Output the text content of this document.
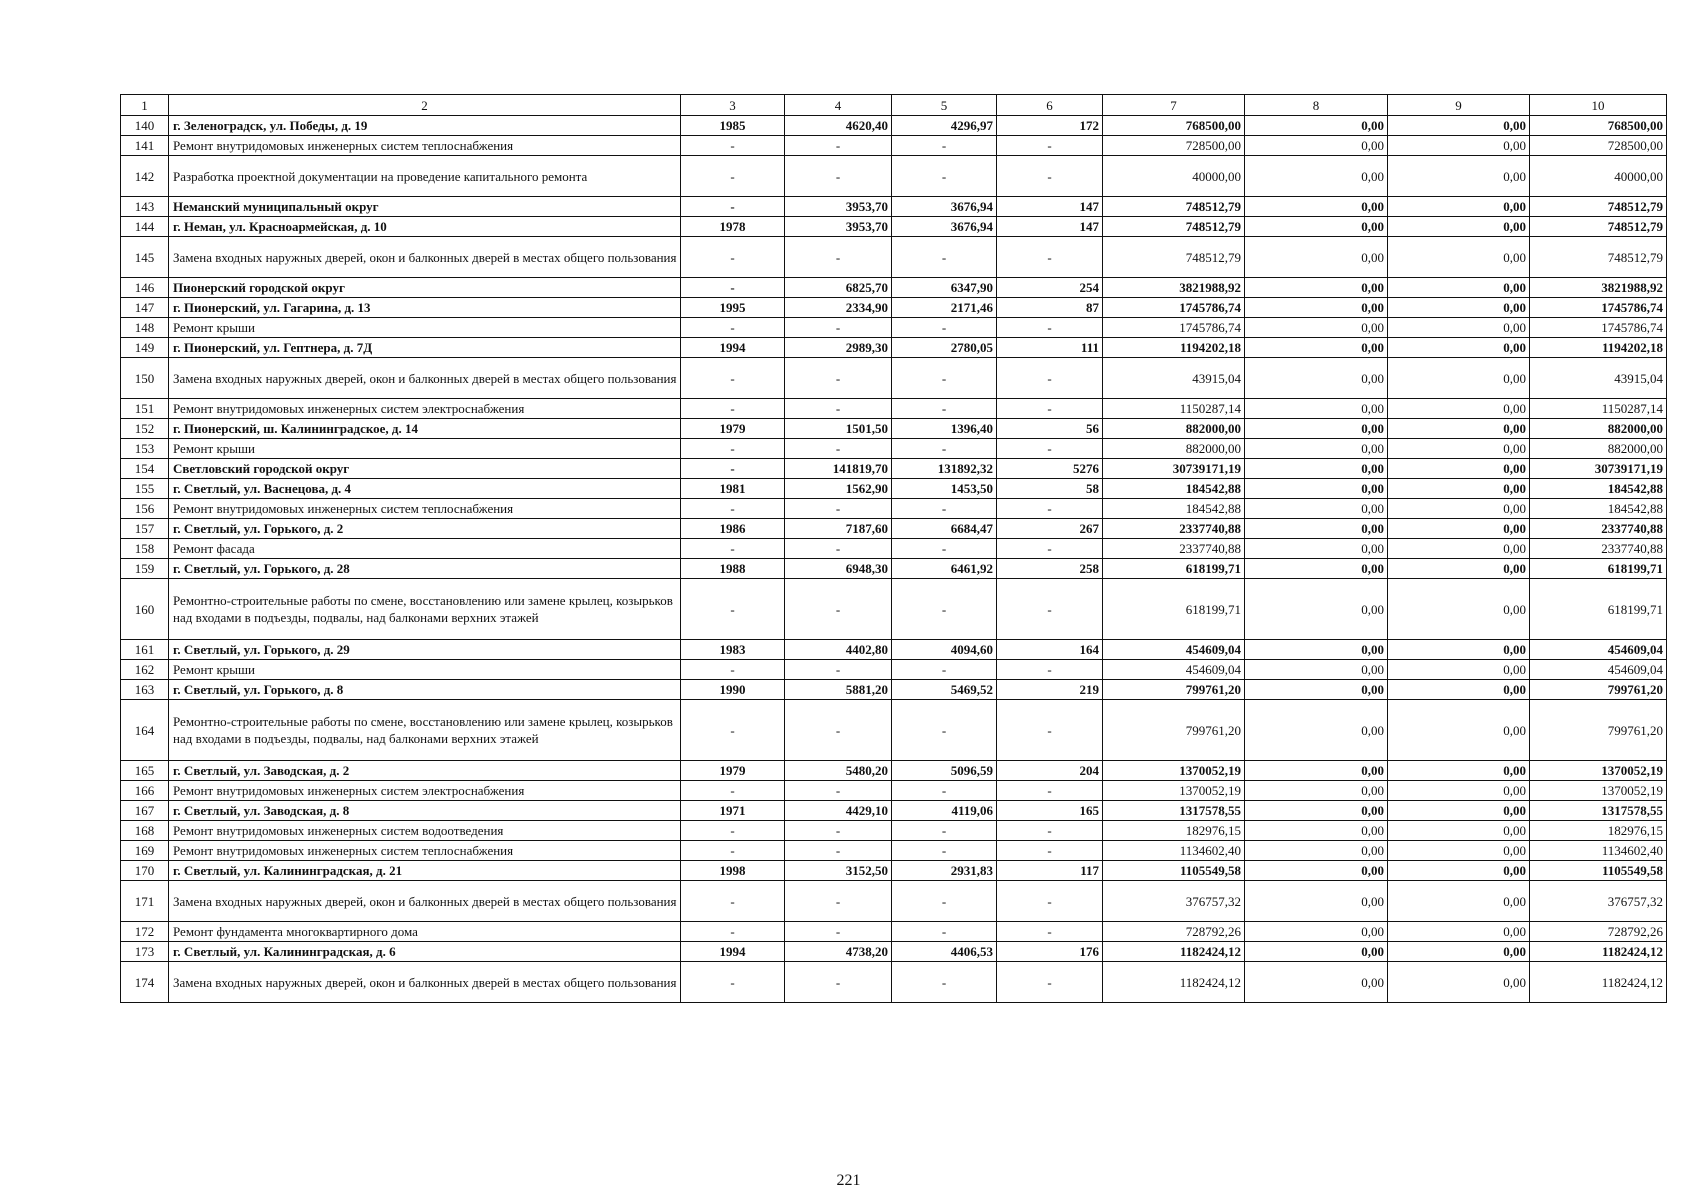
1	2	3	4	5	6	7	8	9	10
140	г. Зеленоградск, ул. Победы, д. 19	1985	4620,40	4296,97	172	768500,00	0,00	0,00	768500,00
141	Ремонт внутридомовых инженерных систем теплоснабжения	-	-	-	-	728500,00	0,00	0,00	728500,00
142	Разработка проектной документации на проведение капитального ремонта	-	-	-	-	40000,00	0,00	0,00	40000,00
143	Неманский муниципальный округ	-	3953,70	3676,94	147	748512,79	0,00	0,00	748512,79
144	г. Неман, ул. Красноармейская, д. 10	1978	3953,70	3676,94	147	748512,79	0,00	0,00	748512,79
145	Замена входных наружных дверей, окон и балконных дверей в местах общего пользования	-	-	-	-	748512,79	0,00	0,00	748512,79
146	Пионерский городской округ	-	6825,70	6347,90	254	3821988,92	0,00	0,00	3821988,92
147	г. Пионерский, ул. Гагарина, д. 13	1995	2334,90	2171,46	87	1745786,74	0,00	0,00	1745786,74
148	Ремонт крыши	-	-	-	-	1745786,74	0,00	0,00	1745786,74
149	г. Пионерский, ул. Гептнера, д. 7Д	1994	2989,30	2780,05	111	1194202,18	0,00	0,00	1194202,18
150	Замена входных наружных дверей, окон и балконных дверей в местах общего пользования	-	-	-	-	43915,04	0,00	0,00	43915,04
151	Ремонт внутридомовых инженерных систем электроснабжения	-	-	-	-	1150287,14	0,00	0,00	1150287,14
152	г. Пионерский, ш. Калининградское, д. 14	1979	1501,50	1396,40	56	882000,00	0,00	0,00	882000,00
153	Ремонт крыши	-	-	-	-	882000,00	0,00	0,00	882000,00
154	Светловский городской округ	-	141819,70	131892,32	5276	30739171,19	0,00	0,00	30739171,19
155	г. Светлый, ул. Васнецова, д. 4	1981	1562,90	1453,50	58	184542,88	0,00	0,00	184542,88
156	Ремонт внутридомовых инженерных систем теплоснабжения	-	-	-	-	184542,88	0,00	0,00	184542,88
157	г. Светлый, ул. Горького, д. 2	1986	7187,60	6684,47	267	2337740,88	0,00	0,00	2337740,88
158	Ремонт фасада	-	-	-	-	2337740,88	0,00	0,00	2337740,88
159	г. Светлый, ул. Горького, д. 28	1988	6948,30	6461,92	258	618199,71	0,00	0,00	618199,71
160	Ремонтно-строительные работы по смене, восстановлению или замене крылец, козырьков над входами в подъезды, подвалы, над балконами верхних этажей	-	-	-	-	618199,71	0,00	0,00	618199,71
161	г. Светлый, ул. Горького, д. 29	1983	4402,80	4094,60	164	454609,04	0,00	0,00	454609,04
162	Ремонт крыши	-	-	-	-	454609,04	0,00	0,00	454609,04
163	г. Светлый, ул. Горького, д. 8	1990	5881,20	5469,52	219	799761,20	0,00	0,00	799761,20
164	Ремонтно-строительные работы по смене, восстановлению или замене крылец, козырьков над входами в подъезды, подвалы, над балконами верхних этажей	-	-	-	-	799761,20	0,00	0,00	799761,20
165	г. Светлый, ул. Заводская, д. 2	1979	5480,20	5096,59	204	1370052,19	0,00	0,00	1370052,19
166	Ремонт внутридомовых инженерных систем электроснабжения	-	-	-	-	1370052,19	0,00	0,00	1370052,19
167	г. Светлый, ул. Заводская, д. 8	1971	4429,10	4119,06	165	1317578,55	0,00	0,00	1317578,55
168	Ремонт внутридомовых инженерных систем водоотведения	-	-	-	-	182976,15	0,00	0,00	182976,15
169	Ремонт внутридомовых инженерных систем теплоснабжения	-	-	-	-	1134602,40	0,00	0,00	1134602,40
170	г. Светлый, ул. Калининградская, д. 21	1998	3152,50	2931,83	117	1105549,58	0,00	0,00	1105549,58
171	Замена входных наружных дверей, окон и балконных дверей в местах общего пользования	-	-	-	-	376757,32	0,00	0,00	376757,32
172	Ремонт фундамента многоквартирного дома	-	-	-	-	728792,26	0,00	0,00	728792,26
173	г. Светлый, ул. Калининградская, д. 6	1994	4738,20	4406,53	176	1182424,12	0,00	0,00	1182424,12
174	Замена входных наружных дверей, окон и балконных дверей в местах общего пользования	-	-	-	-	1182424,12	0,00	0,00	1182424,12
221
